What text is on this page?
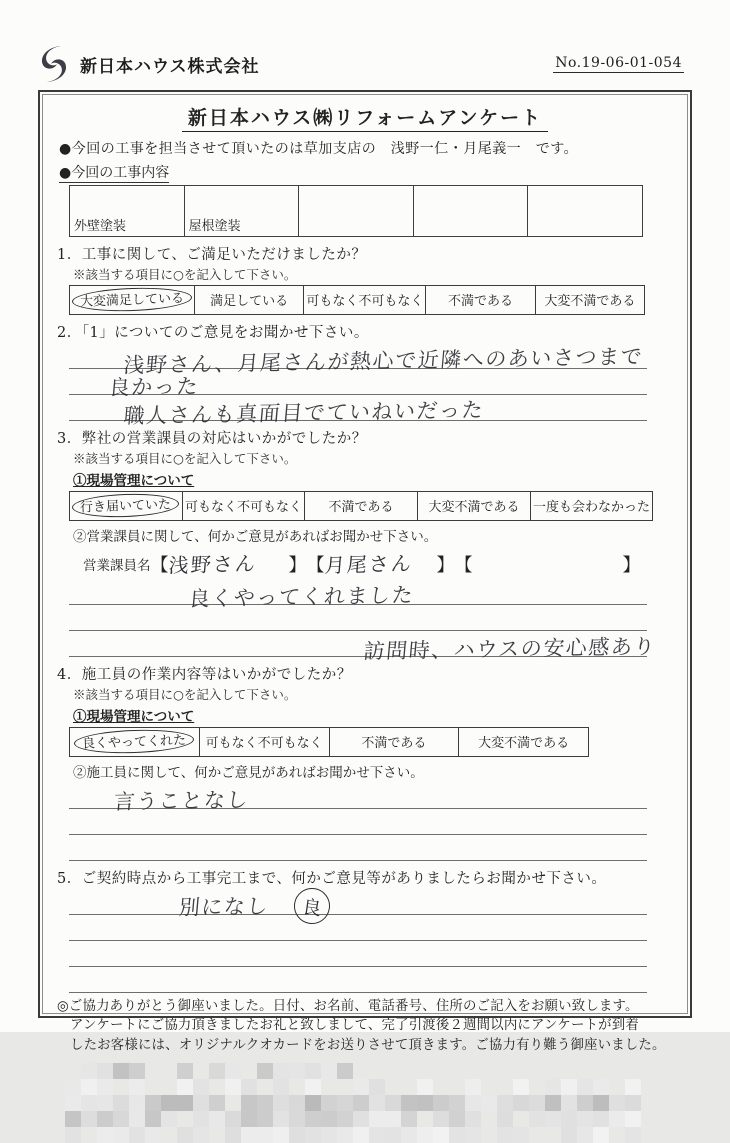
新日本ハウス株式会社	No.19-06-01-054
新日本ハウス㈱リフォームアンケート
●今回の工事を担当させて頂いたのは草加支店の　浅野一仁・月尾義一　です。
●今回の工事内容
外壁塗装	屋根塗装
1．工事に関して、ご満足いただけましたか？
※該当する項目に○を記入して下さい。
大変満足している	満足している	可もなく不可もなく	不満である	大変不満である
2．「1」についてのご意見をお聞かせ下さい。
浅野さん、月尾さんが熱心で近隣へのあいさつまで
良かった
職人さんも真面目でていねいだった
3．弊社の営業課員の対応はいかがでしたか？
※該当する項目に○を記入して下さい。
①現場管理について
行き届いていた	可もなく不可もなく	不満である	大変不満である	一度も会わなかった
②営業課員に関して、何かご意見があればお聞かせ下さい。
営業課員名 【
浅野さん	】 【
月尾さん	】 【	】
良くやってくれました
訪問時、ハウスの安心感あり
4．施工員の作業内容等はいかがでしたか？
※該当する項目に○を記入して下さい。
①現場管理について
良くやってくれた	可もなく不可もなく	不満である	大変不満である
②施工員に関して、何かご意見があればお聞かせ下さい。
言うことなし
5．ご契約時点から工事完工まで、何かご意見等がありましたらお聞かせ下さい。
別になし	良
◎ご協力ありがとう御座いました。日付、お名前、電話番号、住所のご記入をお願い致します。
アンケートにご協力頂きましたお礼と致しまして、完了引渡後２週間以内にアンケートが到着
したお客様には、オリジナルクオカードをお送りさせて頂きます。ご協力有り難う御座いました。
